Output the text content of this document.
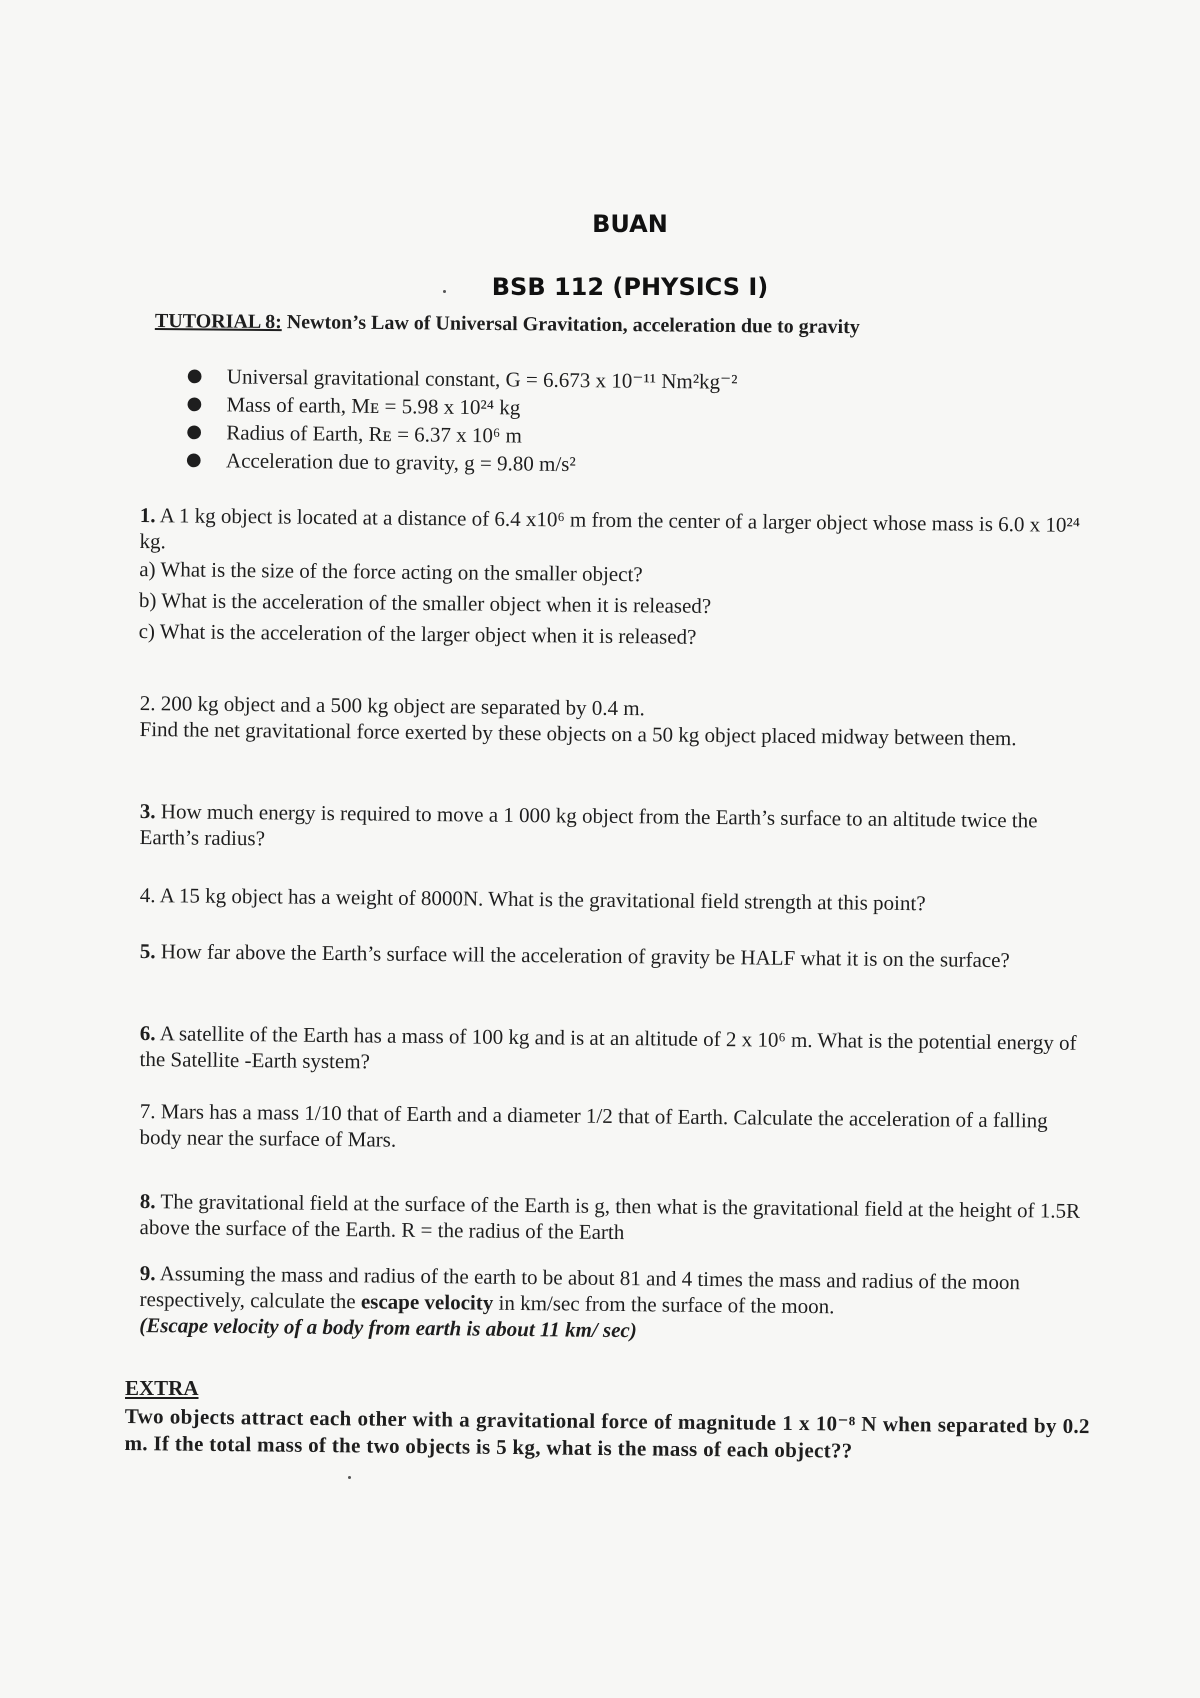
BUAN
BSB 112 (PHYSICS I)
TUTORIAL 8: Newton’s Law of Universal Gravitation, acceleration due to gravity
● Universal gravitational constant, G = 6.673 x 10⁻¹¹ Nm²kg⁻²
● Mass of earth, Mᴇ = 5.98 x 10²⁴ kg
● Radius of Earth, Rᴇ = 6.37 x 10⁶ m
● Acceleration due to gravity, g = 9.80 m/s²

1. A 1 kg object is located at a distance of 6.4 x10⁶ m from the center of a larger object whose mass is 6.0 x 10²⁴ kg.

a) What is the size of the force acting on the smaller object?

b) What is the acceleration of the smaller object when it is released?

c) What is the acceleration of the larger object when it is released?

2. 200 kg object and a 500 kg object are separated by 0.4 m.

Find the net gravitational force exerted by these objects on a 50 kg object placed midway between them.

3. How much energy is required to move a 1 000 kg object from the Earth’s surface to an altitude twice the Earth’s radius?

4. A 15 kg object has a weight of 8000N. What is the gravitational field strength at this point?

5. How far above the Earth’s surface will the acceleration of gravity be HALF what it is on the surface?

6. A satellite of the Earth has a mass of 100 kg and is at an altitude of 2 x 10⁶ m. What is the potential energy of the Satellite -Earth system?

7. Mars has a mass 1/10 that of Earth and a diameter 1/2 that of Earth. Calculate the acceleration of a falling body near the surface of Mars.

8. The gravitational field at the surface of the Earth is g, then what is the gravitational field at the height of 1.5R above the surface of the Earth. R = the radius of the Earth

9. Assuming the mass and radius of the earth to be about 81 and 4 times the mass and radius of the moon respectively, calculate the escape velocity in km/sec from the surface of the moon.

(Escape velocity of a body from earth is about 11 km/ sec)

EXTRA
Two objects attract each other with a gravitational force of magnitude 1 x 10⁻⁸ N when separated by 0.2 m. If the total mass of the two objects is 5 kg, what is the mass of each object??
